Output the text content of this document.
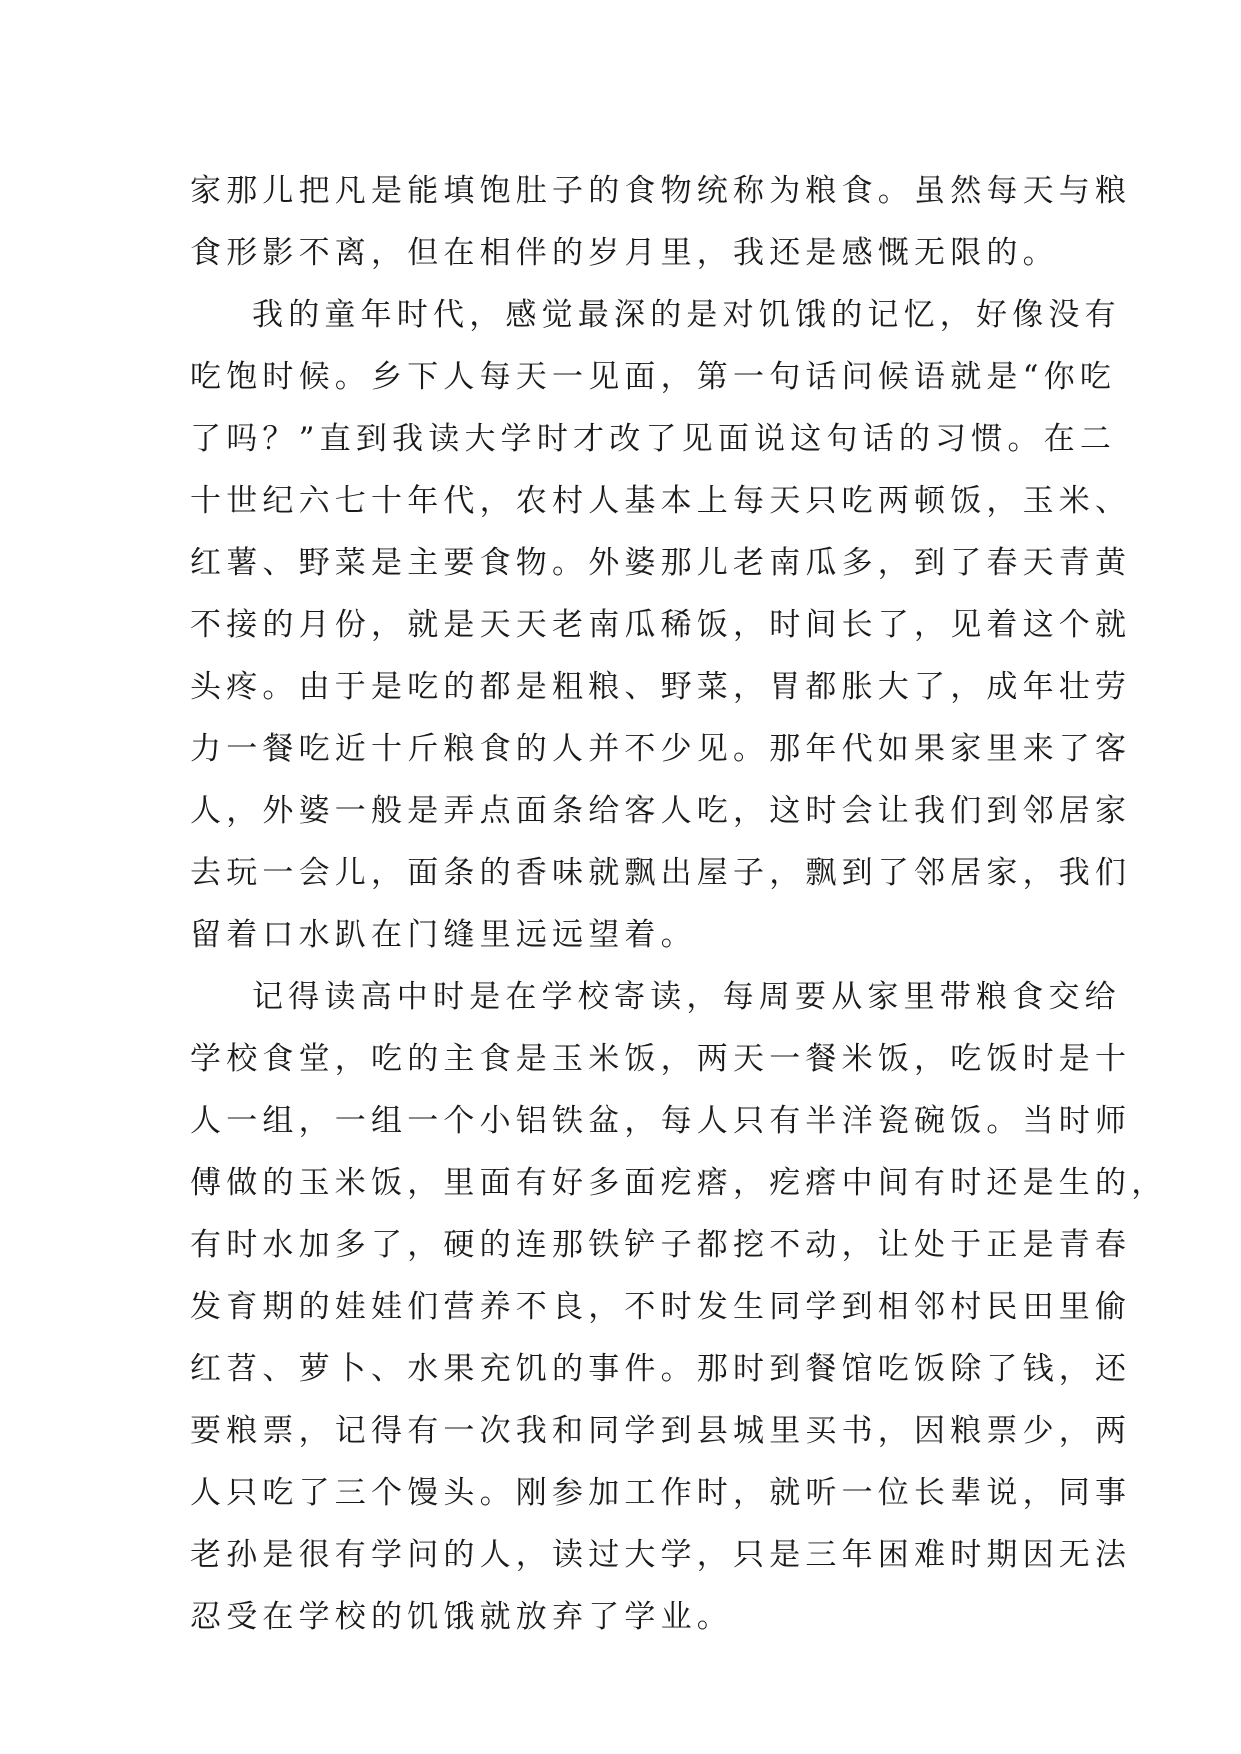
家那儿把凡是能填饱肚子的食物统称为粮食。虽然每天与粮
食形影不离，但在相伴的岁月里，我还是感慨无限的。
我的童年时代，感觉最深的是对饥饿的记忆，好像没有
吃饱时候。乡下人每天一见面，第一句话问候语就是“你吃
了吗？”直到我读大学时才改了见面说这句话的习惯。在二
十世纪六七十年代，农村人基本上每天只吃两顿饭，玉米、
红薯、野菜是主要食物。外婆那儿老南瓜多，到了春天青黄
不接的月份，就是天天老南瓜稀饭，时间长了，见着这个就
头疼。由于是吃的都是粗粮、野菜，胃都胀大了，成年壮劳
力一餐吃近十斤粮食的人并不少见。那年代如果家里来了客
人，外婆一般是弄点面条给客人吃，这时会让我们到邻居家
去玩一会儿，面条的香味就飘出屋子，飘到了邻居家，我们
留着口水趴在门缝里远远望着。
记得读高中时是在学校寄读，每周要从家里带粮食交给
学校食堂，吃的主食是玉米饭，两天一餐米饭，吃饭时是十
人一组，一组一个小铝铁盆，每人只有半洋瓷碗饭。当时师
傅做的玉米饭，里面有好多面疙瘩，疙瘩中间有时还是生的，
有时水加多了，硬的连那铁铲子都挖不动，让处于正是青春
发育期的娃娃们营养不良，不时发生同学到相邻村民田里偷
红苕、萝卜、水果充饥的事件。那时到餐馆吃饭除了钱，还
要粮票，记得有一次我和同学到县城里买书，因粮票少，两
人只吃了三个馒头。刚参加工作时，就听一位长辈说，同事
老孙是很有学问的人，读过大学，只是三年困难时期因无法
忍受在学校的饥饿就放弃了学业。
